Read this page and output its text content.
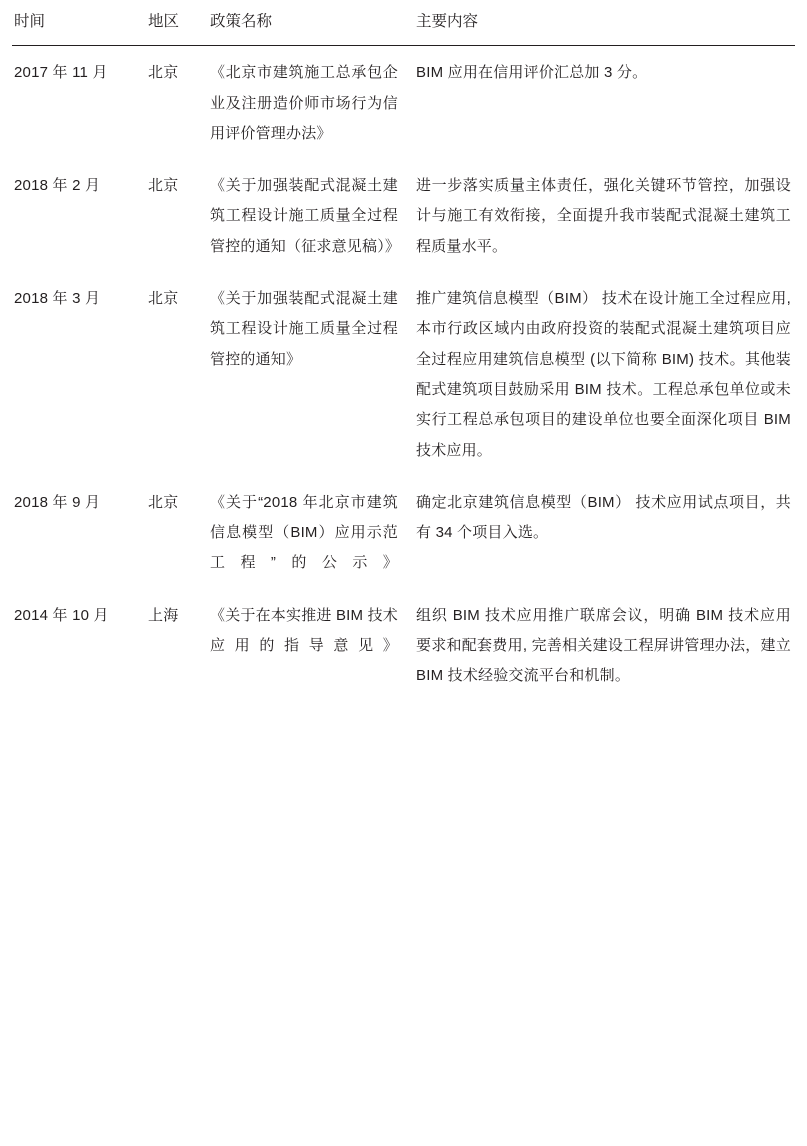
时间	地区	政策名称	主要内容
2017 年 11 月	北京	《北京市建筑施工总承包企业及注册造价师市场行为信用评价管理办法》	BIM 应用在信用评价汇总加 3 分。
2018 年 2 月	北京	《关于加强装配式混凝土建筑工程设计施工质量全过程管控的通知（征求意见稿）》	进一步落实质量主体责任，强化关键环节管控，加强设计与施工有效衔接，全面提升我市装配式混凝土建筑工程质量水平。
2018 年 3 月	北京	《关于加强装配式混凝土建筑工程设计施工质量全过程管控的通知》	推广建筑信息模型（BIM） 技术在设计施工全过程应用, 本市行政区域内由政府投资的装配式混凝土建筑项目应全过程应用建筑信息模型 (以下简称 BIM) 技术。其他装配式建筑项目鼓励采用 BIM 技术。工程总承包单位或未实行工程总承包项目的建设单位也要全面深化项目 BIM 技术应用。
2018 年 9 月	北京	《关于“2018 年北京市建筑信息模型（BIM）应用示范工程”的公示》	确定北京建筑信息模型（BIM） 技术应用试点项目，共有 34 个项目入选。
2014 年 10 月	上海	《关于在本实推进 BIM 技术应用的指导意见》	组织 BIM 技术应用推广联席会议，明确 BIM 技术应用要求和配套费用, 完善相关建设工程屏讲管理办法，建立 BIM 技术经验交流平台和机制。
